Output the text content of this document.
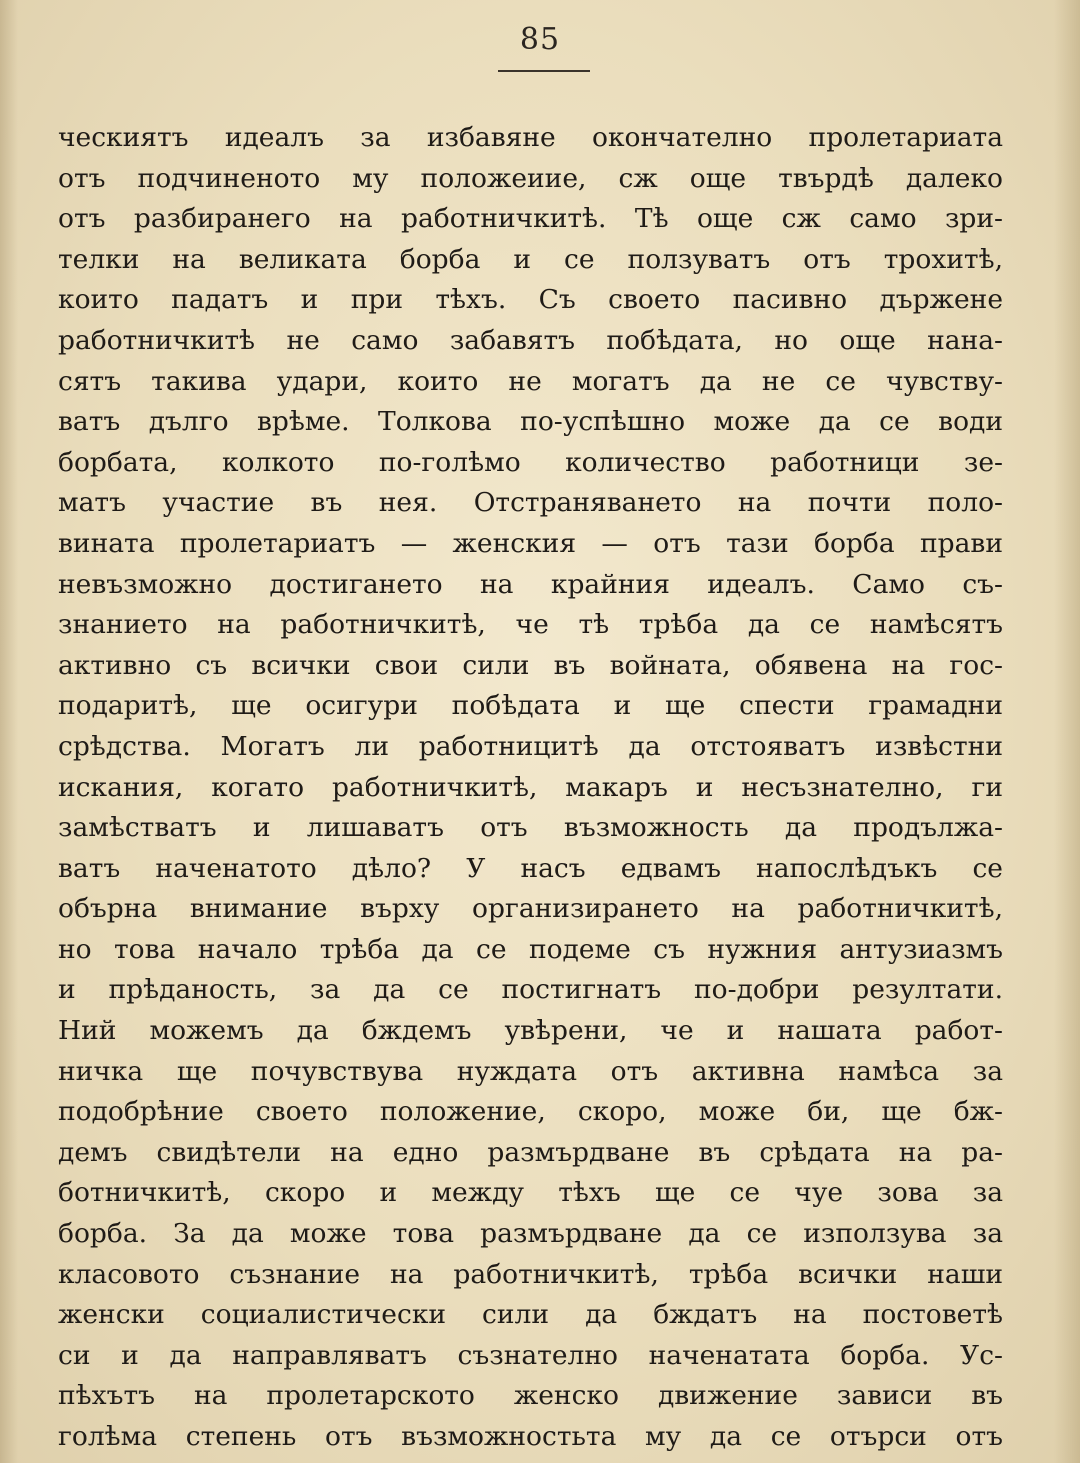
85
ческиятъ идеалъ за избавяне окончателно пролетариата
отъ подчиненото му положеиие, сж още твърдѣ далеко
отъ разбиранего на работничкитѣ. Тѣ още сж само зри-
телки на великата борба и се ползуватъ отъ трохитѣ,
които падатъ и при тѣхъ. Съ своето пасивно държене
работничкитѣ не само забавятъ побѣдата, но още нана-
сятъ такива удари, които не могатъ да не се чувству-
ватъ дълго врѣме. Толкова по-успѣшно може да се води
борбата, колкото по-голѣмо количество работници зе-
матъ участие въ нея. Отстраняването на почти поло-
вината пролетариатъ — женския — отъ тази борба прави
невъзможно достиганетo на крайния идеалъ. Само съ-
знанието на работничкитѣ, че тѣ трѣба да се намѣсятъ
активно съ всички свои сили въ войната, обявена на гос-
подаритѣ, ще осигури побѣдата и ще спести грамадни
срѣдства. Могатъ ли работницитѣ да отстояватъ извѣстни
искания, когато работничкитѣ, макаръ и несъзнателно, ги
замѣстватъ и лишаватъ отъ възможность да продължа-
ватъ наченатото дѣло? У насъ едвамъ напослѣдъкъ се
обърна внимание върху организирането на работничкитѣ,
но това начало трѣба да се подеме съ нужния антузиазмъ
и прѣданость, за да се постигнатъ по-добри резултати.
Ний можемъ да бждемъ увѣрени, че и нашата работ-
ничка ще почувствува нуждата отъ активна намѣса за
подобрѣние своето положение, скоро, може би, ще бж-
демъ свидѣтели на едно размърдване въ срѣдата на ра-
ботничкитѣ, скоро и между тѣхъ ще се чуе зова за
борба. За да може това размърдване да се използува за
класовото съзнание на работничкитѣ, трѣба всички наши
женски социалистически сили да бждатъ на постоветѣ
си и да направляватъ съзнателно наченатата борба. Ус-
пѣхътъ на пролетарското женско движение зависи въ
голѣма степень отъ възможностьта му да се отърси отъ
